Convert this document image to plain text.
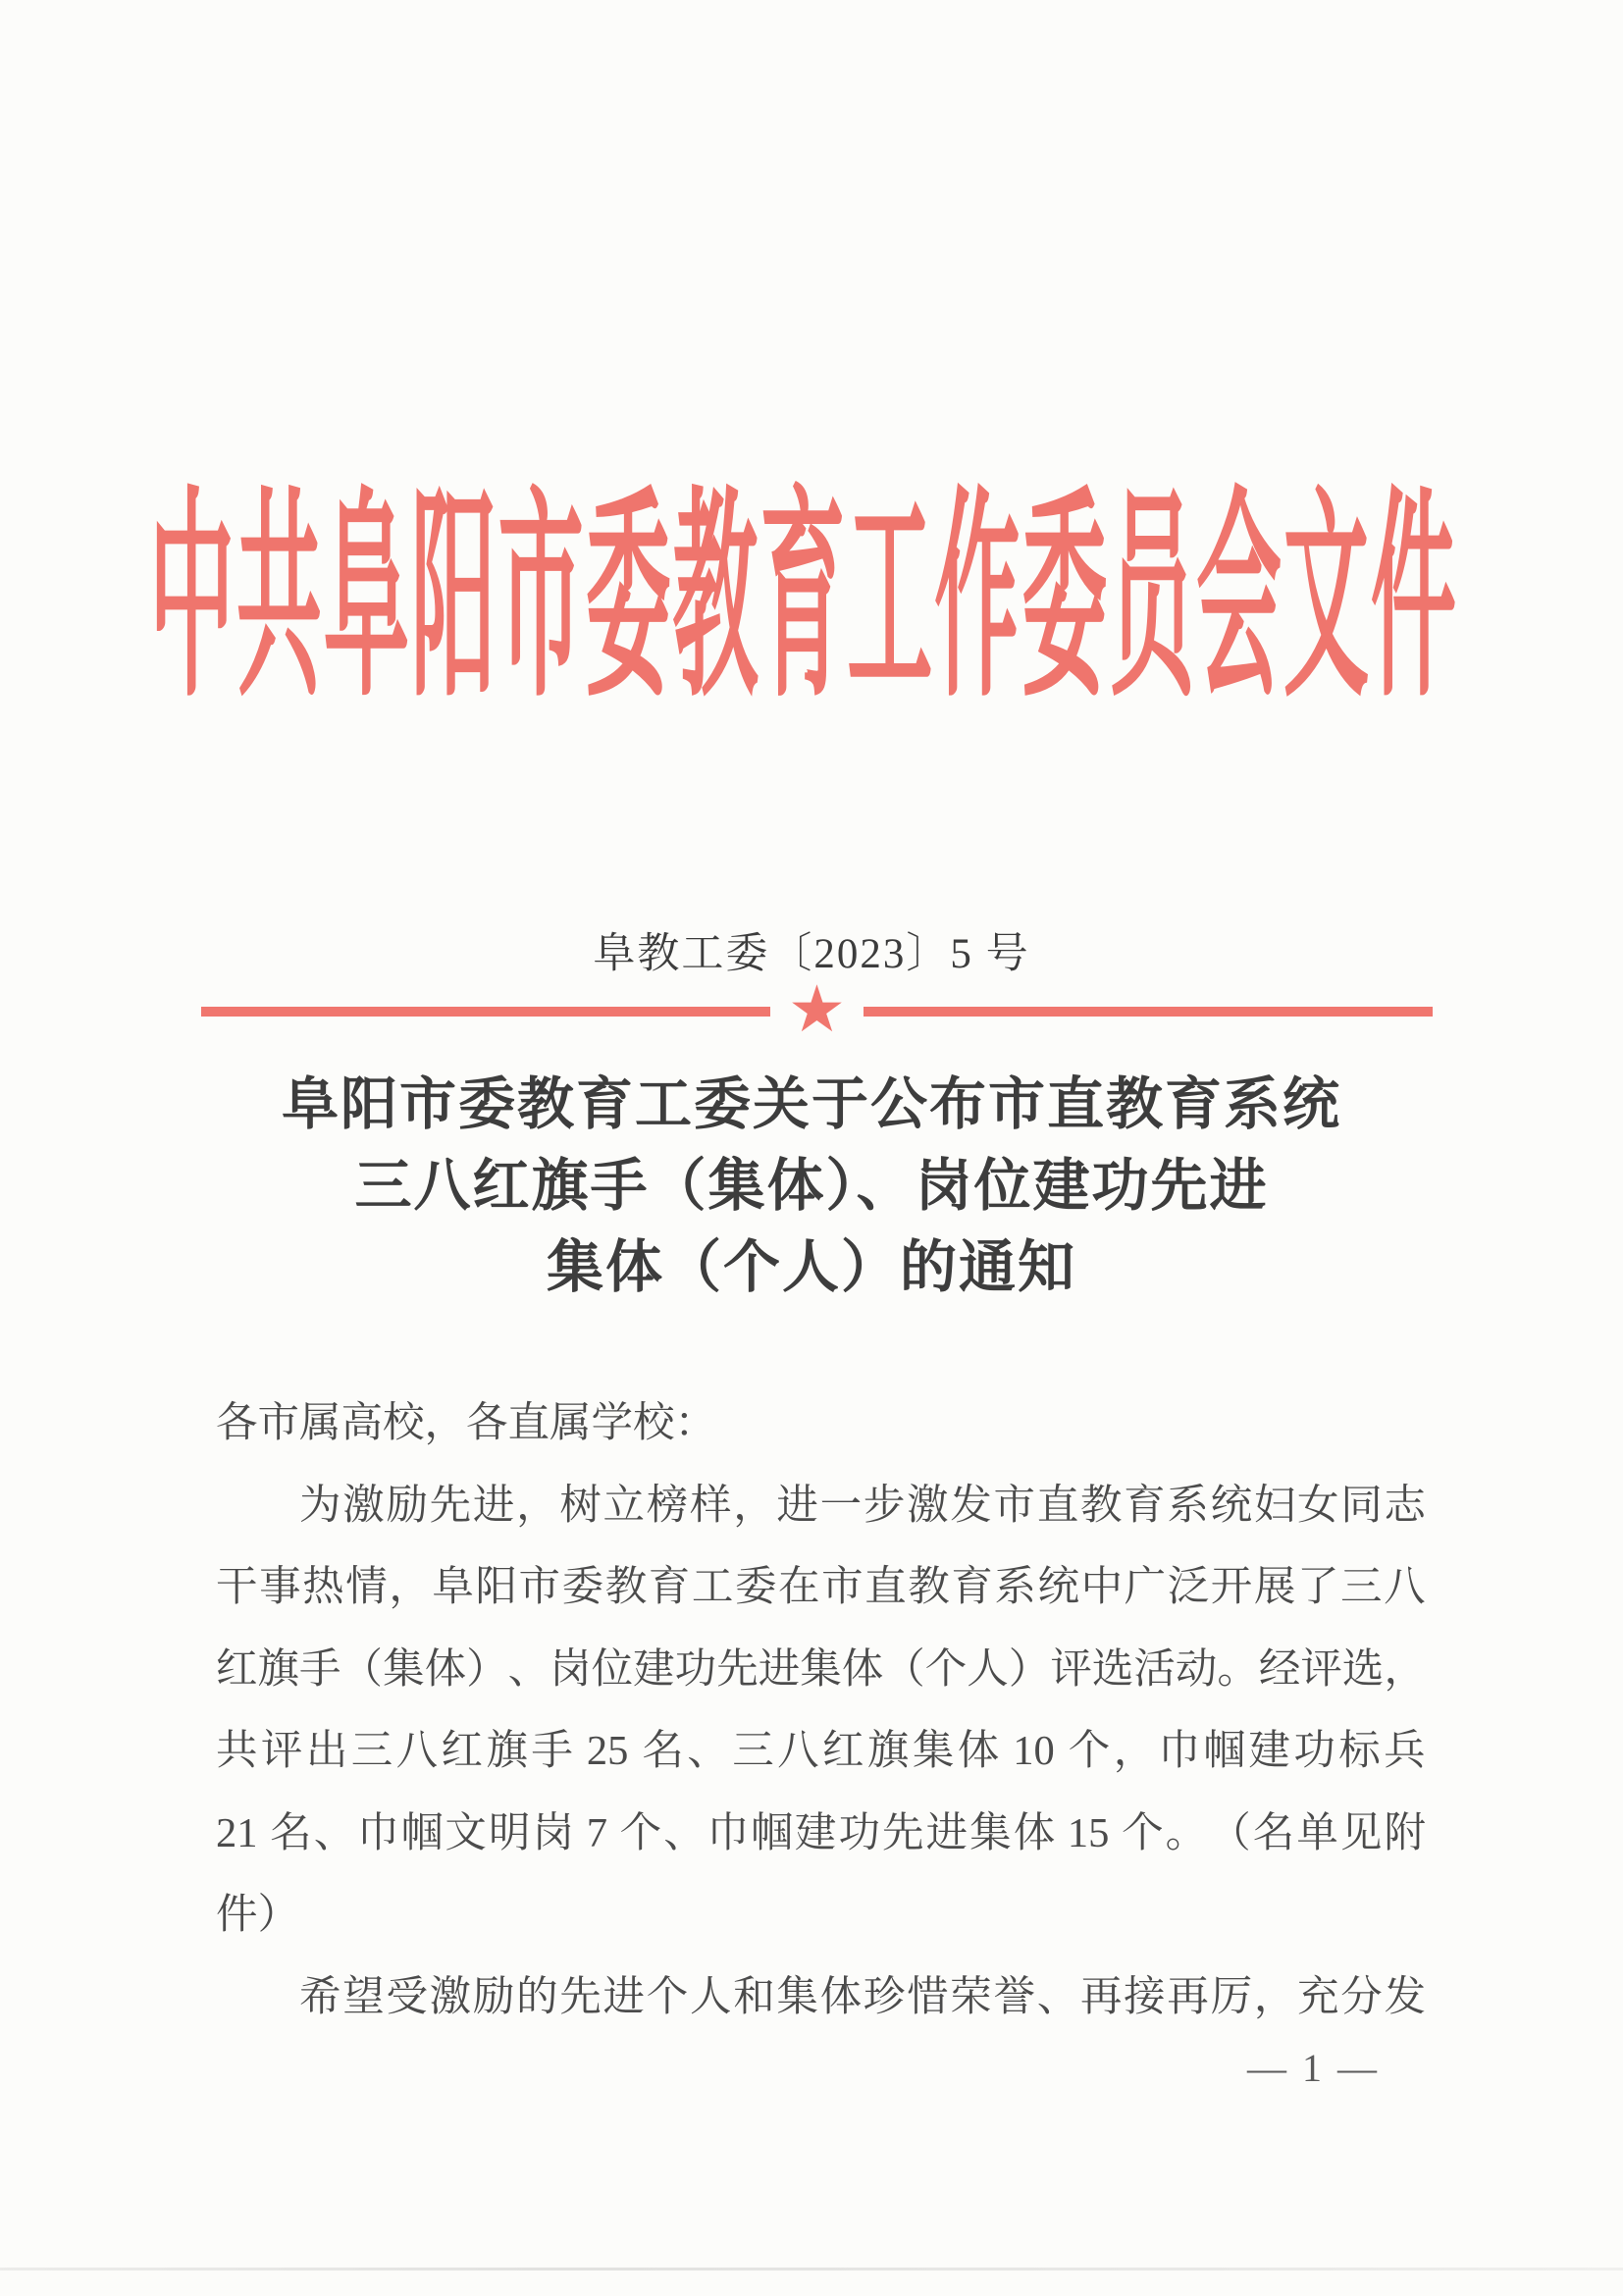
中 共 阜 阳 市 委 教 育 工 作 委 员 会 文 件
阜教工委〔2023〕5 号
★
阜阳市委教育工委关于公布市直教育系统
三八红旗手（集体）、岗位建功先进
集体（个人）的通知
各市属高校，各直属学校：
为 激 励 先 进 ， 树 立 榜 样 ， 进 一 步 激 发 市 直 教 育 系 统 妇 女 同 志
干 事 热 情 ， 阜 阳 市 委 教 育 工 委 在 市 直 教 育 系 统 中 广 泛 开 展 了 三 八
红 旗 手 （ 集 体 ） 、 岗 位 建 功 先 进 集 体 （ 个 人 ） 评 选 活 动 。 经 评 选 ，
共 评 出 三 八 红 旗 手 25 名 、 三 八 红 旗 集 体 10 个 ， 巾 帼 建 功 标 兵
21 名 、 巾 帼 文 明 岗 7 个 、 巾 帼 建 功 先 进 集 体 15 个 。 （ 名 单 见 附
件）
希 望 受 激 励 的 先 进 个 人 和 集 体 珍 惜 荣 誉 、 再 接 再 厉 ， 充 分 发
— 1 —
